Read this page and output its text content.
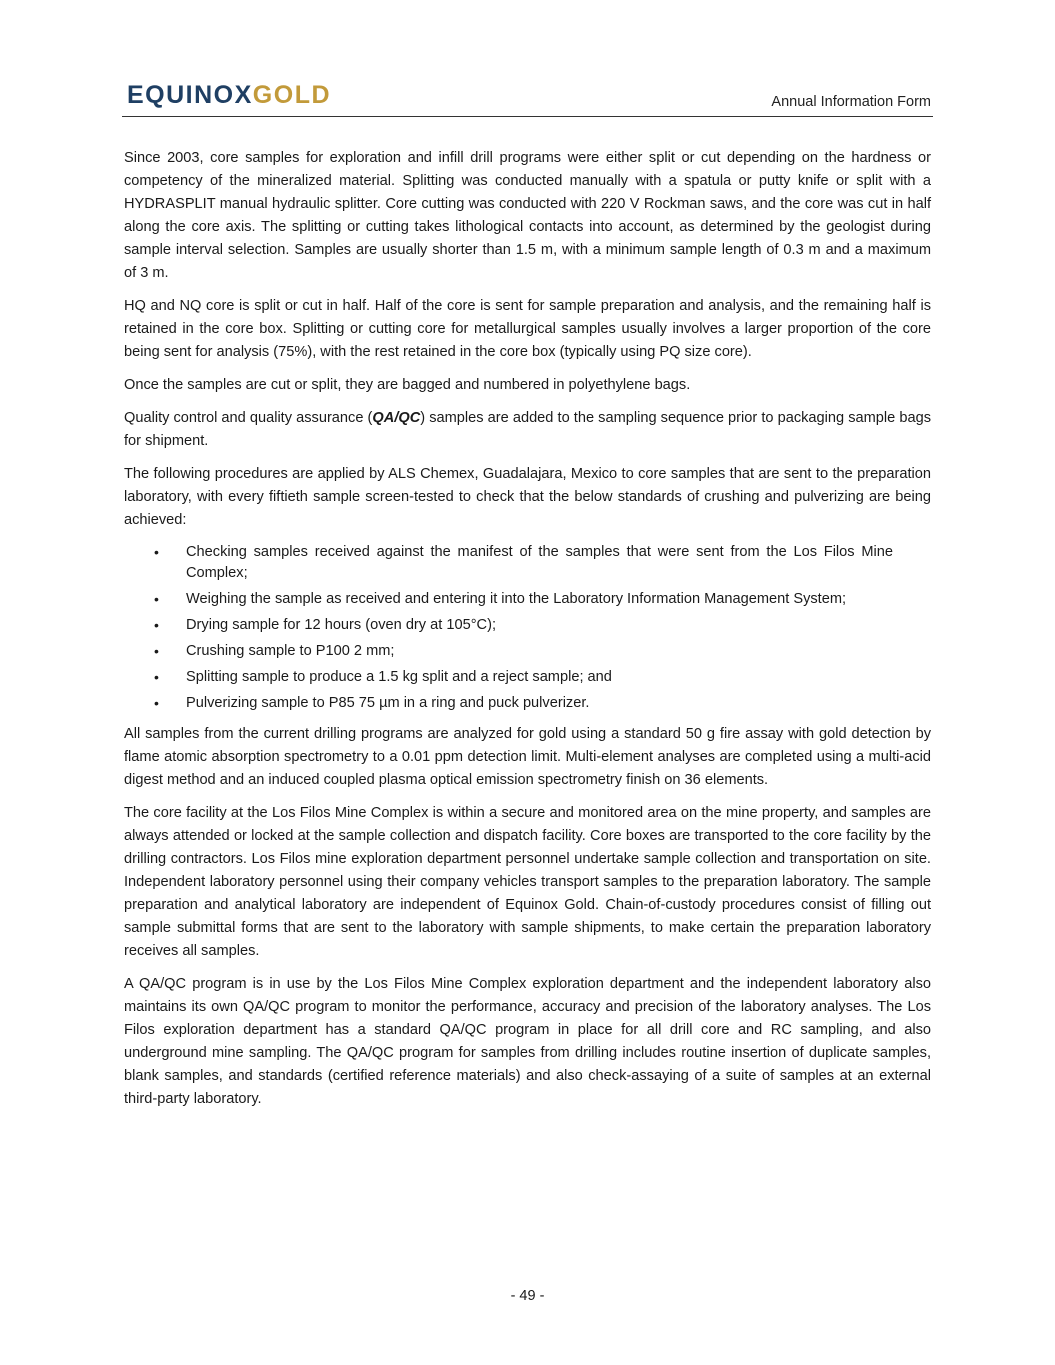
EQUINOXGOLD	Annual Information Form

Since 2003, core samples for exploration and infill drill programs were either split or cut depending on the hardness or competency of the mineralized material. Splitting was conducted manually with a spatula or putty knife or split with a HYDRASPLIT manual hydraulic splitter. Core cutting was conducted with 220 V Rockman saws, and the core was cut in half along the core axis. The splitting or cutting takes lithological contacts into account, as determined by the geologist during sample interval selection. Samples are usually shorter than 1.5 m, with a minimum sample length of 0.3 m and a maximum of 3 m.

HQ and NQ core is split or cut in half. Half of the core is sent for sample preparation and analysis, and the remaining half is retained in the core box. Splitting or cutting core for metallurgical samples usually involves a larger proportion of the core being sent for analysis (75%), with the rest retained in the core box (typically using PQ size core).

Once the samples are cut or split, they are bagged and numbered in polyethylene bags.

Quality control and quality assurance (QA/QC) samples are added to the sampling sequence prior to packaging sample bags for shipment.

The following procedures are applied by ALS Chemex, Guadalajara, Mexico to core samples that are sent to the preparation laboratory, with every fiftieth sample screen-tested to check that the below standards of crushing and pulverizing are being achieved:

• Checking samples received against the manifest of the samples that were sent from the Los Filos Mine Complex;
• Weighing the sample as received and entering it into the Laboratory Information Management System;
• Drying sample for 12 hours (oven dry at 105°C);
• Crushing sample to P100 2 mm;
• Splitting sample to produce a 1.5 kg split and a reject sample; and
• Pulverizing sample to P85 75 µm in a ring and puck pulverizer.

All samples from the current drilling programs are analyzed for gold using a standard 50 g fire assay with gold detection by flame atomic absorption spectrometry to a 0.01 ppm detection limit. Multi-element analyses are completed using a multi-acid digest method and an induced coupled plasma optical emission spectrometry finish on 36 elements.

The core facility at the Los Filos Mine Complex is within a secure and monitored area on the mine property, and samples are always attended or locked at the sample collection and dispatch facility. Core boxes are transported to the core facility by the drilling contractors. Los Filos mine exploration department personnel undertake sample collection and transportation on site. Independent laboratory personnel using their company vehicles transport samples to the preparation laboratory. The sample preparation and analytical laboratory are independent of Equinox Gold. Chain-of-custody procedures consist of filling out sample submittal forms that are sent to the laboratory with sample shipments, to make certain the preparation laboratory receives all samples.

A QA/QC program is in use by the Los Filos Mine Complex exploration department and the independent laboratory also maintains its own QA/QC program to monitor the performance, accuracy and precision of the laboratory analyses. The Los Filos exploration department has a standard QA/QC program in place for all drill core and RC sampling, and also underground mine sampling. The QA/QC program for samples from drilling includes routine insertion of duplicate samples, blank samples, and standards (certified reference materials) and also check-assaying of a suite of samples at an external third-party laboratory.

- 49 -
